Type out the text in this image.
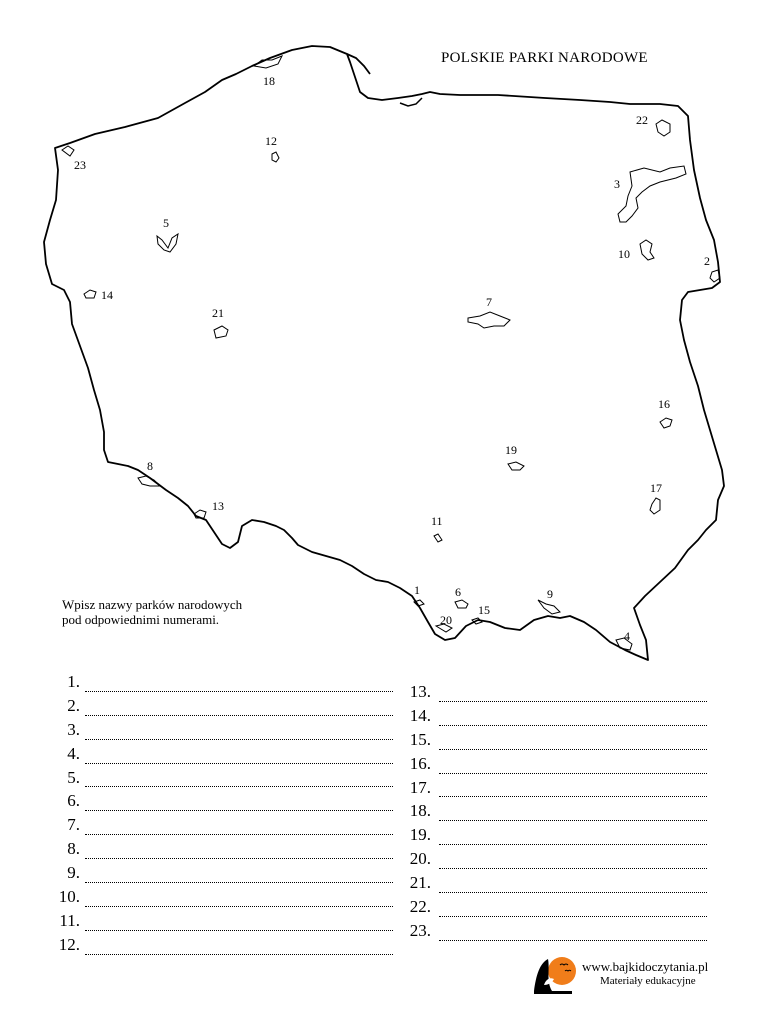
1
2
3
4
5
6
7
8
9
10
11
12
13
14
15
16
17
18
19
20
21
22
23
POLSKIE PARKI NARODOWE
Wpisz nazwy parków narodowych
pod odpowiednimi numerami.
1.
2.
3.
4.
5.
6.
7.
8.
9.
10.
11.
12.
13.
14.
15.
16.
17.
18.
19.
20.
21.
22.
23.
www.bajkidoczytania.pl
Materiały edukacyjne
